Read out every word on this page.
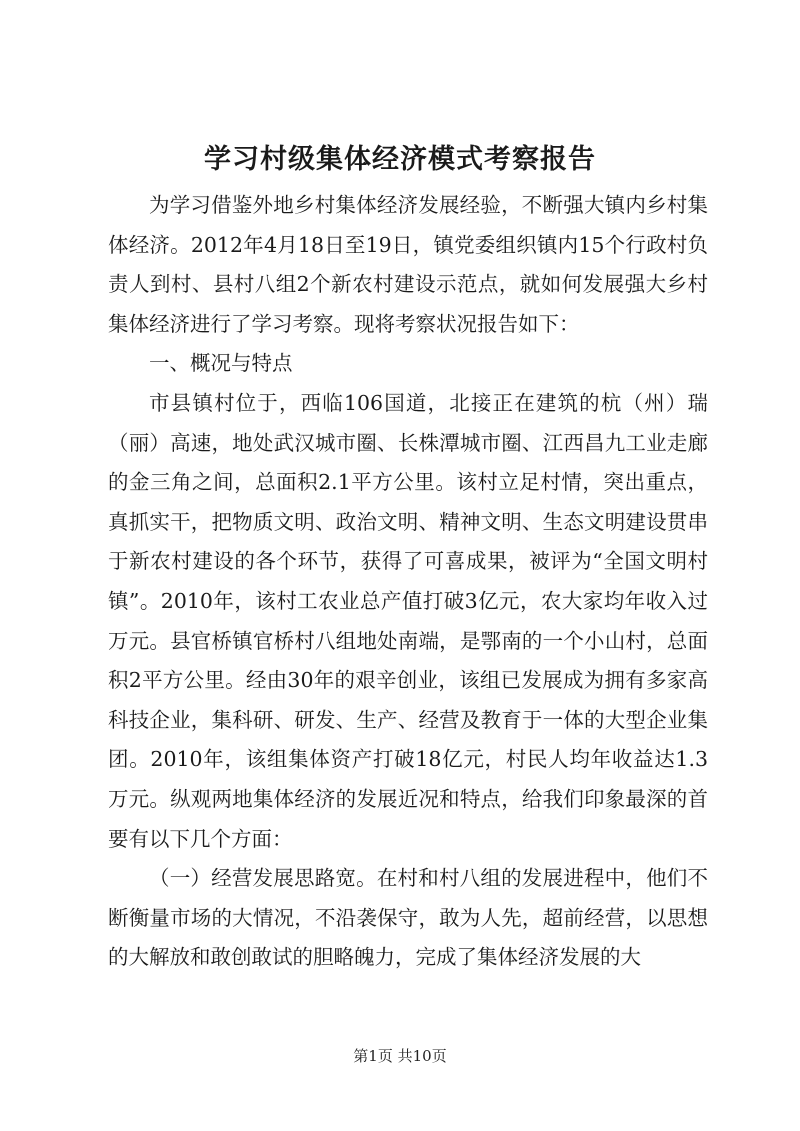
学习村级集体经济模式考察报告

为学习借鉴外地乡村集体经济发展经验，不断强大镇内乡村集体经济。2012年4月18日至19日，镇党委组织镇内15个行政村负责人到村、县村八组2个新农村建设示范点，就如何发展强大乡村集体经济进行了学习考察。现将考察状况报告如下：

一、概况与特点

市县镇村位于，西临106国道，北接正在建筑的杭（州）瑞（丽）高速，地处武汉城市圈、长株潭城市圈、江西昌九工业走廊的金三角之间，总面积2.1平方公里。该村立足村情，突出重点，真抓实干，把物质文明、政治文明、精神文明、生态文明建设贯串于新农村建设的各个环节，获得了可喜成果，被评为“全国文明村镇”。2010年，该村工农业总产值打破3亿元，农大家均年收入过万元。县官桥镇官桥村八组地处南端，是鄂南的一个小山村，总面积2平方公里。经由30年的艰辛创业，该组已发展成为拥有多家高科技企业，集科研、研发、生产、经营及教育于一体的大型企业集团。2010年，该组集体资产打破18亿元，村民人均年收益达1.3万元。纵观两地集体经济的发展近况和特点，给我们印象最深的首要有以下几个方面：

（一）经营发展思路宽。在村和村八组的发展进程中，他们不断衡量市场的大情况，不沿袭保守，敢为人先，超前经营，以思想的大解放和敢创敢试的胆略魄力，完成了集体经济发展的大

第1页 共10页
